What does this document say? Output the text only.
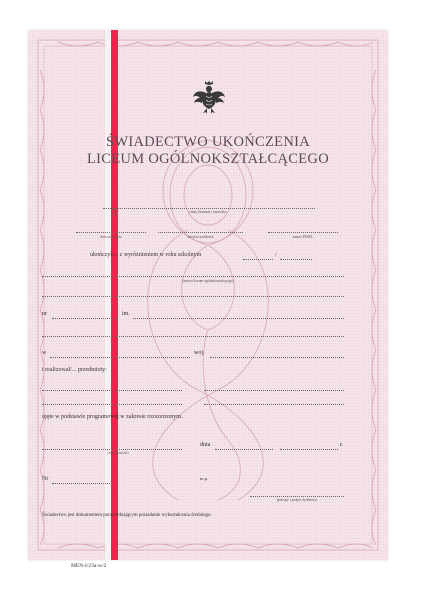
ŚWIADECTWO UKOŃCZENIA
LICEUM OGÓLNOKSZTAŁCĄCEGO
(imię (imiona) i nazwisko
data urodzenia	miejsce urodzenia	numer PESEL
ukończył/... z wyróżnieniem w roku szkolnym	/
(nazwa liceum ogólnokształcącego)
nr	im.
w	woj.
i realizował/... przedmioty:
ujęte w podstawie programowej w zakresie rozszerzonym.
(miejscowość)
dnia	r.
Nr	m.p.
(pieczęć i podpis dyrektora)
Świadectwo jest dokumentem potwierdzającym posiadanie wykształcenia średniego.
MEN-I/23a-w/2
